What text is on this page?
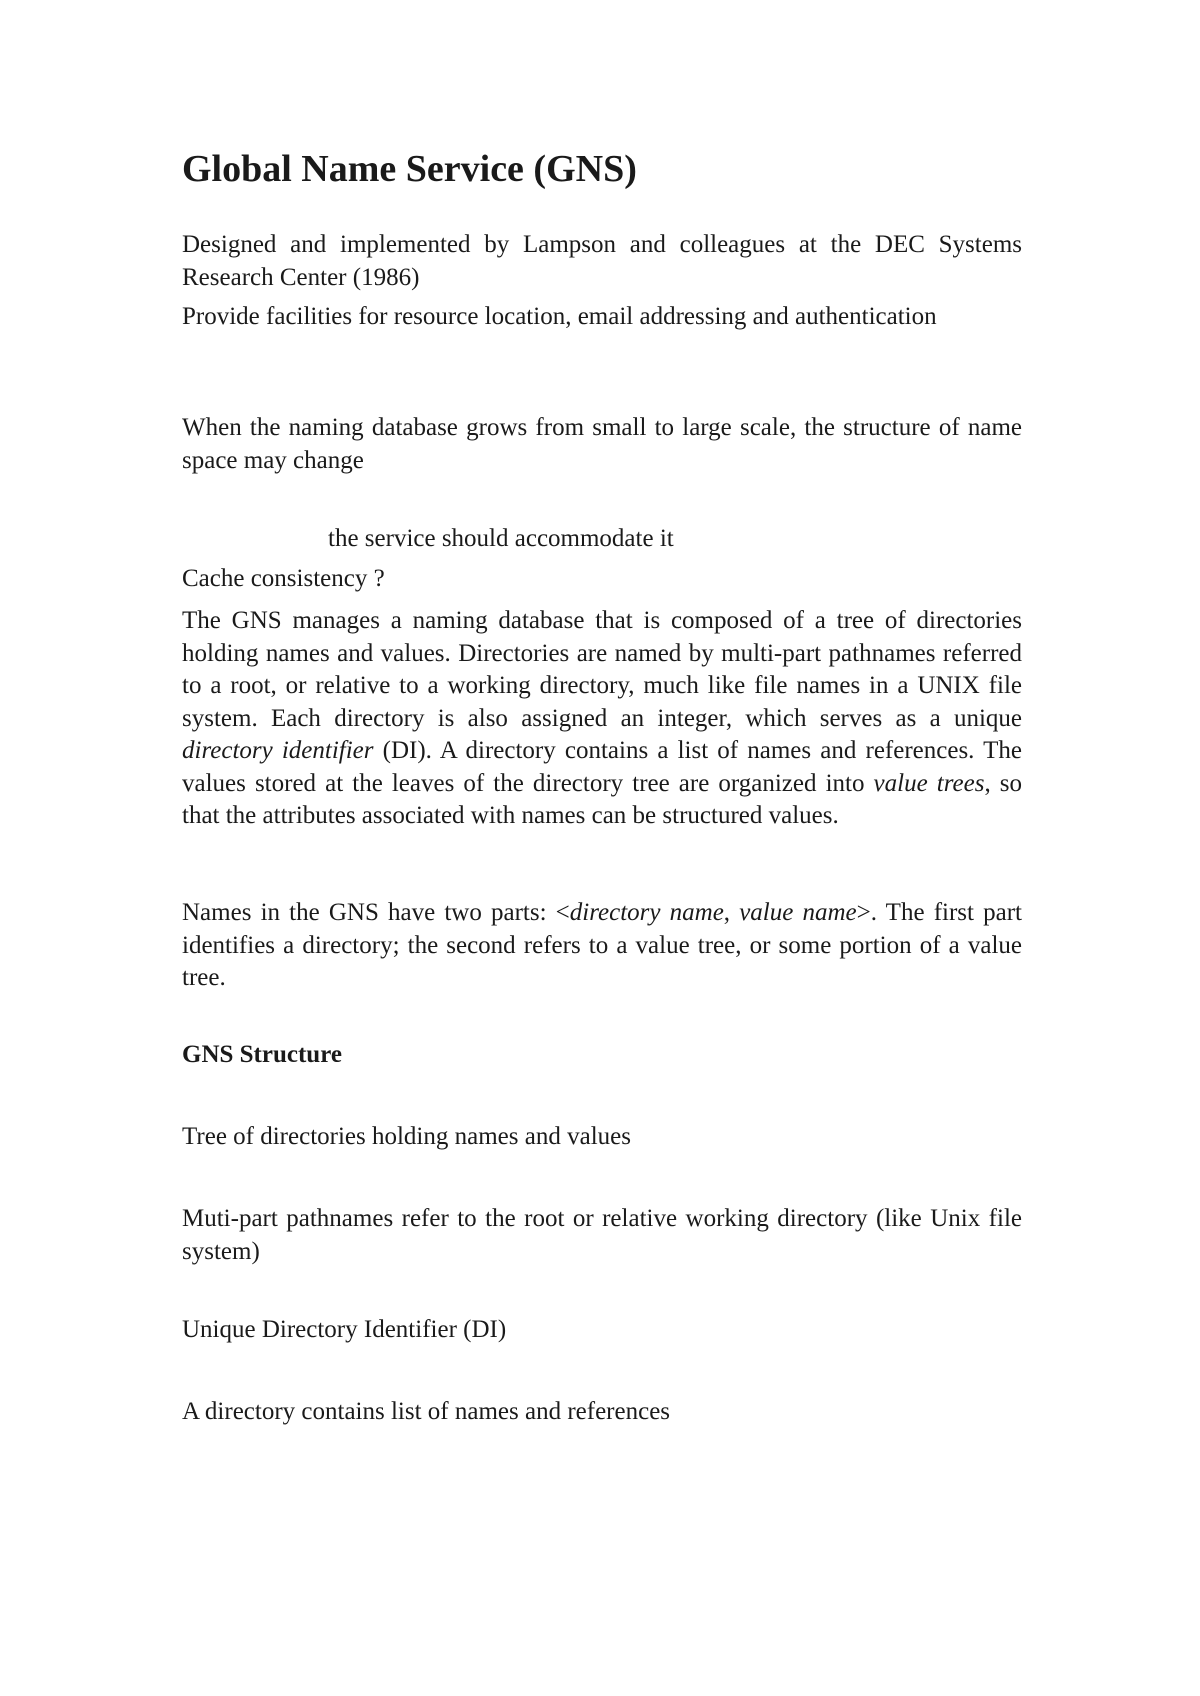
Global Name Service (GNS)

Designed and implemented by Lampson and colleagues at the DEC Systems Research Center (1986)

Provide facilities for resource location, email addressing and authentication

When the naming database grows from small to large scale, the structure of name space may change

the service should accommodate it

Cache consistency ?

The GNS manages a naming database that is composed of a tree of directories holding names and values. Directories are named by multi-part pathnames referred to a root, or relative to a working directory, much like file names in a UNIX file system. Each directory is also assigned an integer, which serves as a unique directory identifier (DI). A directory contains a list of names and references. The values stored at the leaves of the directory tree are organized into value trees, so that the attributes associated with names can be structured values.

Names in the GNS have two parts: <directory name, value name>. The first part identifies a directory; the second refers to a value tree, or some portion of a value tree.

GNS Structure

Tree of directories holding names and values

Muti-part pathnames refer to the root or relative working directory (like Unix file system)

Unique Directory Identifier (DI)

A directory contains list of names and references
